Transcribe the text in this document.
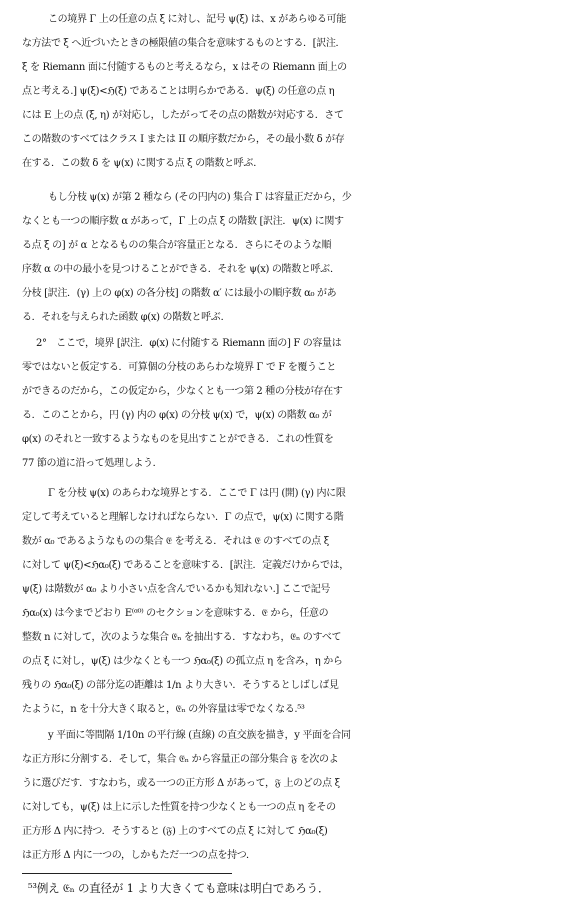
この境界 Γ 上の任意の点 ξ に対し、記号 ψ(ξ) は、x があらゆる可能
な方法で ξ へ近づいたときの極限値の集合を意味するものとする．[訳注．
ξ を Riemann 面に付随するものと考えるなら，x はその Riemann 面上の
点と考える.] ψ(ξ)<ℌ(ξ) であることは明らかである．ψ(ξ) の任意の点 η
には E 上の点 (ξ, η) が対応し，したがってその点の階数が対応する．さて
この階数のすべてはクラス I または II の順序数だから，その最小数 δ が存
在する．この数 δ を ψ(x) に関する点 ξ の階数と呼ぶ．
もし分枝 ψ(x) が第 2 種なら (その円内の) 集合 Γ は容量正だから，少
なくとも一つの順序数 α があって，Γ 上の点 ξ の階数 [訳注．ψ(x) に関す
る点 ξ の] が α となるものの集合が容量正となる．さらにそのような順
序数 α の中の最小を見つけることができる．それを ψ(x) の階数と呼ぶ．
分枝 [訳注．(γ) 上の φ(x) の各分枝] の階数 α′ には最小の順序数 α₀ があ
る．それを与えられた函数 φ(x) の階数と呼ぶ．
2°　ここで，境界 [訳注．φ(x) に付随する Riemann 面の] F の容量は
零ではないと仮定する．可算個の分枝のあらわな境界 Γ で F を覆うこと
ができるのだから，この仮定から，少なくとも一つ第 2 種の分枝が存在す
る．このことから，円 (γ) 内の φ(x) の分枝 ψ(x) で，ψ(x) の階数 α₀ が
φ(x) のそれと一致するようなものを見出すことができる．これの性質を
77 節の道に沿って処理しよう．
Γ を分枝 ψ(x) のあらわな境界とする．ここで Γ は円 (開) (γ) 内に限
定して考えていると理解しなければならない．Γ の点で，ψ(x) に関する階
数が α₀ であるようなものの集合 𝔈 を考える．それは 𝔈 のすべての点 ξ
に対して ψ(ξ)<ℌα₀(ξ) であることを意味する．[訳注．定義だけからでは，
ψ(ξ) は階数が α₀ より小さい点を含んでいるかも知れない.] ここで記号
ℌα₀(x) は今までどおり E⁽ᵅ⁰⁾ のセクションを意味する．𝔈 から，任意の
整数 n に対して，次のような集合 𝔈ₙ を抽出する．すなわち，𝔈ₙ のすべて
の点 ξ に対し，ψ(ξ) は少なくとも一つ ℌα₀(ξ) の孤立点 η を含み，η から
残りの ℌα₀(ξ) の部分迄の距離は 1/n より大きい．そうするとしばしば見
たように，n を十分大きく取ると，𝔈ₙ の外容量は零でなくなる.⁵³
y 平面に等間隔 1/10n の平行線 (直線) の直交族を描き，y 平面を合同
な正方形に分割する．そして，集合 𝔈ₙ から容量正の部分集合 𝔉 を次のよ
うに選びだす．すなわち，或る一つの正方形 Δ があって，𝔉 上のどの点 ξ
に対しても，ψ(ξ) は上に示した性質を持つ少なくとも一つの点 η をその
正方形 Δ 内に持つ．そうすると (𝔉) 上のすべての点 ξ に対して ℌα₀(ξ)
は正方形 Δ 内に一つの，しかもただ一つの点を持つ．
⁵³例え 𝔈ₙ の直径が 1 より大きくても意味は明白であろう．
